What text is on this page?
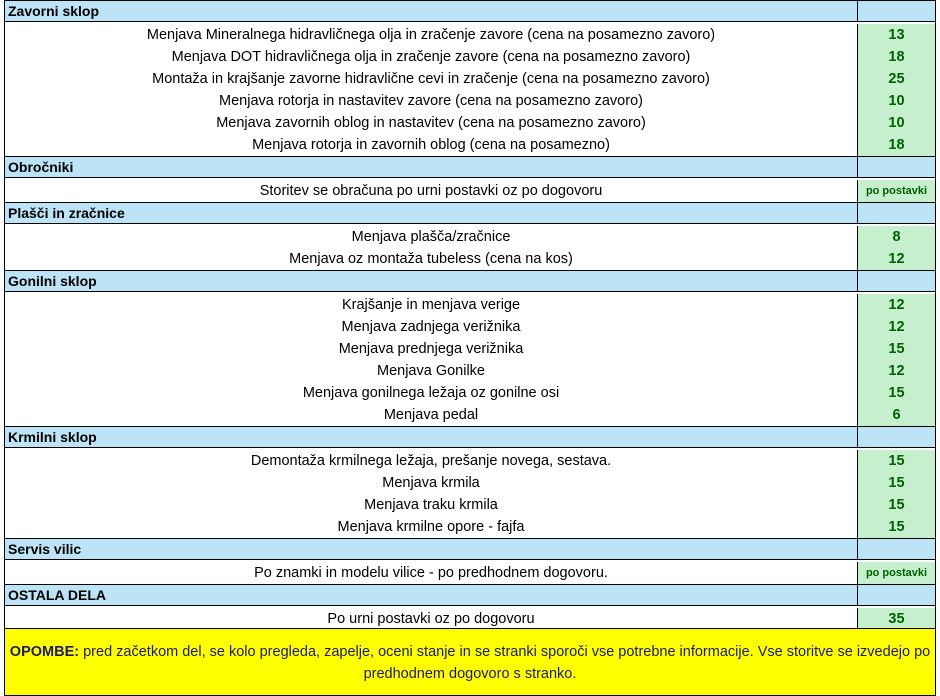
Zavorni sklop
Menjava Mineralnega hidravličnega olja in zračenje zavore (cena na posamezno zavoro)	13
Menjava DOT hidravličnega olja in zračenje zavore (cena na posamezno zavoro)	18
Montaža in krajšanje zavorne hidravlične cevi in zračenje (cena na posamezno zavoro)	25
Menjava rotorja in nastavitev zavore (cena na posamezno zavoro)	10
Menjava zavornih oblog in nastavitev (cena na posamezno zavoro)	10
Menjava rotorja in zavornih oblog (cena na posamezno)	18
Obročniki
Storitev se obračuna po urni postavki oz po dogovoru	po postavki
Plašči in zračnice
Menjava plašča/zračnice	8
Menjava oz montaža tubeless (cena na kos)	12
Gonilni sklop
Krajšanje in menjava verige	12
Menjava zadnjega verižnika	12
Menjava prednjega verižnika	15
Menjava Gonilke	12
Menjava gonilnega ležaja oz gonilne osi	15
Menjava pedal	6
Krmilni sklop
Demontaža krmilnega ležaja, prešanje novega, sestava.	15
Menjava krmila	15
Menjava traku krmila	15
Menjava krmilne opore - fajfa	15
Servis vilic
Po znamki in modelu vilice - po predhodnem dogovoru.	po postavki
OSTALA DELA
Po urni postavki oz po dogovoru	35
OPOMBE: pred začetkom del, se kolo pregleda, zapelje, oceni stanje in se stranki sporoči vse potrebne informacije. Vse storitve se izvedejo po predhodnem dogovoro s stranko.
